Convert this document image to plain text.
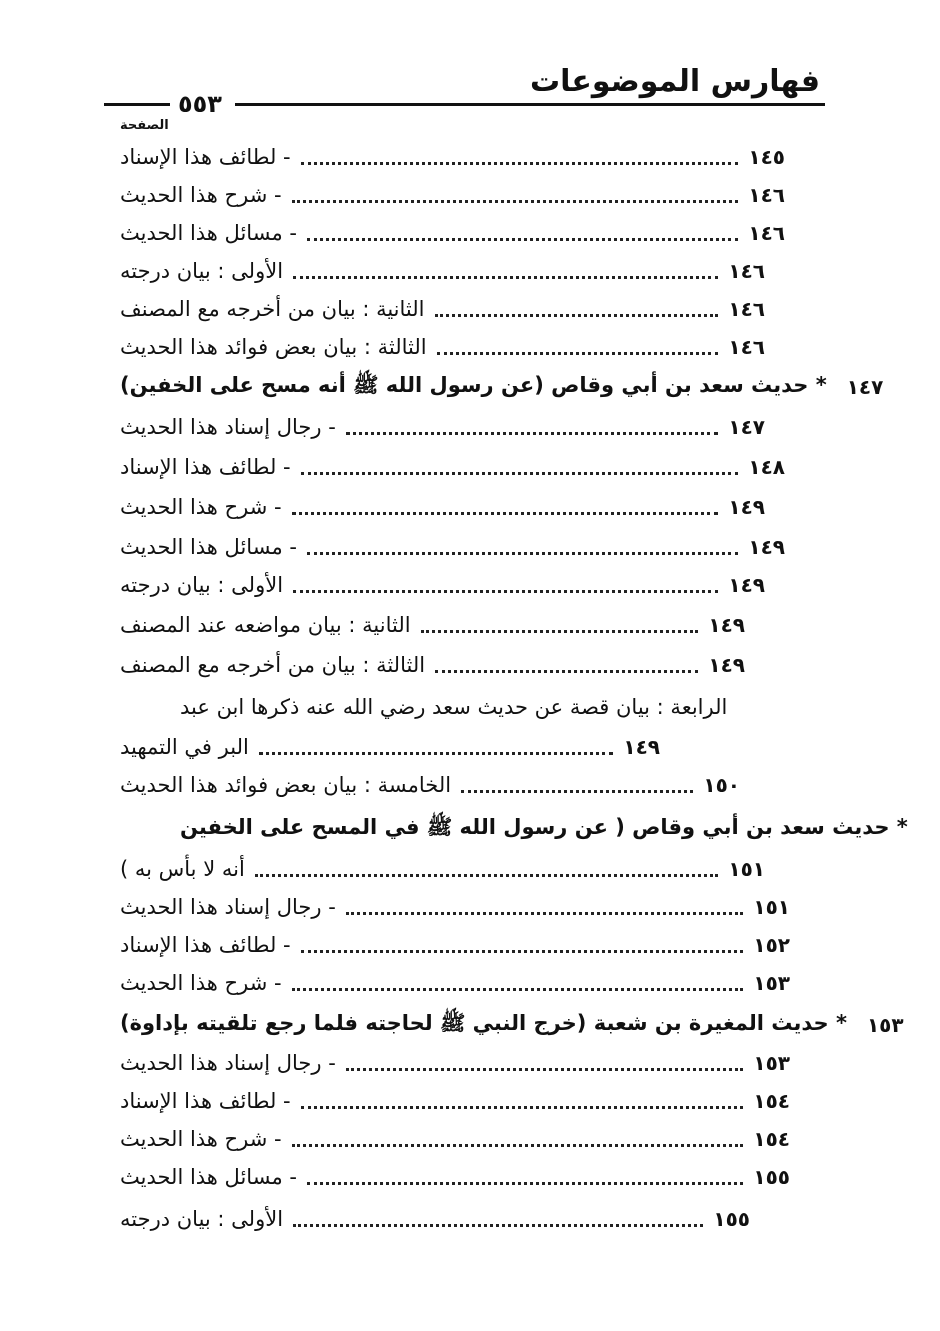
فهارس الموضوعات
٥٥٣
الصفحة
- لطائف هذا الإسناد	١٤٥
- شرح هذا الحديث	١٤٦
- مسائل هذا الحديث	١٤٦
الأولى : بيان درجته	١٤٦
الثانية : بيان من أخرجه مع المصنف	١٤٦
الثالثة : بيان بعض فوائد هذا الحديث	١٤٦
* حديث سعد بن أبي وقاص (عن رسول الله ﷺ أنه مسح على الخفين) ١٤٧
- رجال إسناد هذا الحديث	١٤٧
- لطائف هذا الإسناد	١٤٨
- شرح هذا الحديث	١٤٩
- مسائل هذا الحديث	١٤٩
الأولى : بيان درجته	١٤٩
الثانية : بيان مواضعه عند المصنف	١٤٩
الثالثة : بيان من أخرجه مع المصنف	١٤٩
الرابعة : بيان قصة عن حديث سعد رضي الله عنه ذكرها ابن عبد
البر في التمهيد	١٤٩
الخامسة : بيان بعض فوائد هذا الحديث	١٥٠
* حديث سعد بن أبي وقاص ( عن رسول الله ﷺ في المسح على الخفين
أنه لا بأس به )	١٥١
- رجال إسناد هذا الحديث	١٥١
- لطائف هذا الإسناد	١٥٢
- شرح هذا الحديث	١٥٣
* حديث المغيرة بن شعبة (خرج النبي ﷺ لحاجته فلما رجع تلقيته بإداوة) ١٥٣
- رجال إسناد هذا الحديث	١٥٣
- لطائف هذا الإسناد	١٥٤
- شرح هذا الحديث	١٥٤
- مسائل هذا الحديث	١٥٥
الأولى : بيان درجته	١٥٥
